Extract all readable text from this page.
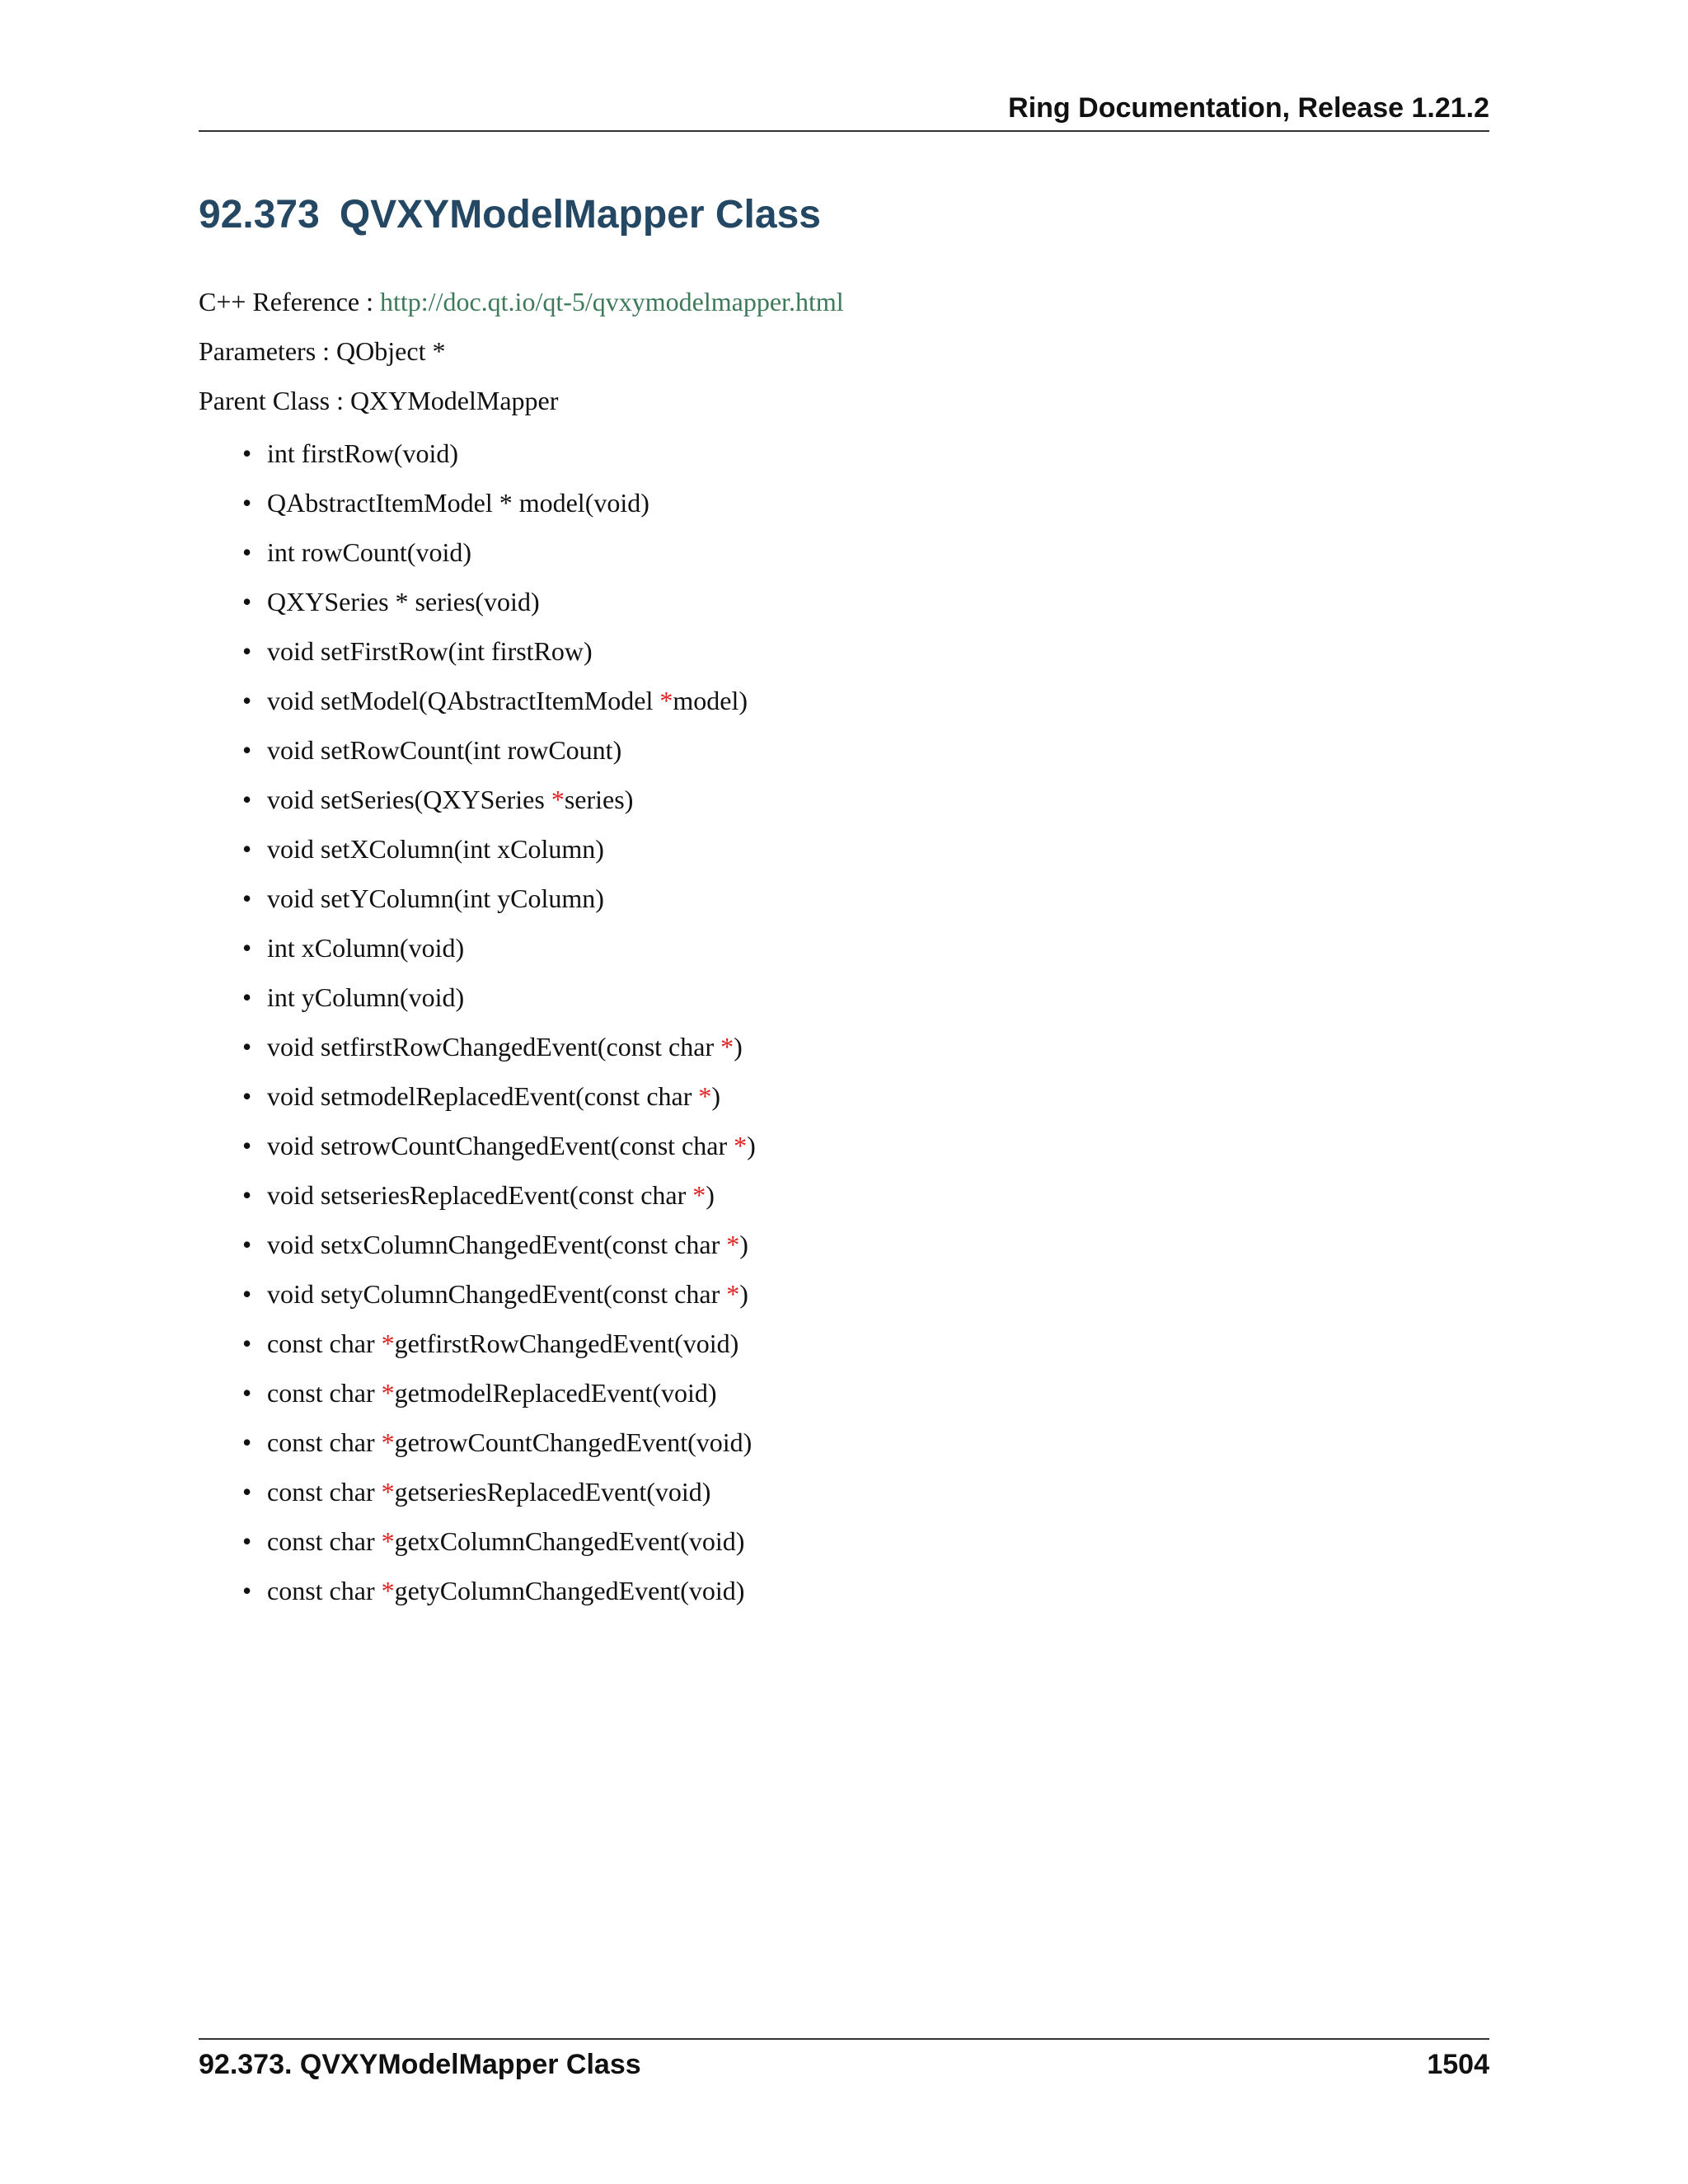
Ring Documentation, Release 1.21.2
92.373 QVXYModelMapper Class
C++ Reference : http://doc.qt.io/qt-5/qvxymodelmapper.html
Parameters : QObject *
Parent Class : QXYModelMapper
• int firstRow(void)
• QAbstractItemModel * model(void)
• int rowCount(void)
• QXYSeries * series(void)
• void setFirstRow(int firstRow)
• void setModel(QAbstractItemModel *model)
• void setRowCount(int rowCount)
• void setSeries(QXYSeries *series)
• void setXColumn(int xColumn)
• void setYColumn(int yColumn)
• int xColumn(void)
• int yColumn(void)
• void setfirstRowChangedEvent(const char *)
• void setmodelReplacedEvent(const char *)
• void setrowCountChangedEvent(const char *)
• void setseriesReplacedEvent(const char *)
• void setxColumnChangedEvent(const char *)
• void setyColumnChangedEvent(const char *)
• const char *getfirstRowChangedEvent(void)
• const char *getmodelReplacedEvent(void)
• const char *getrowCountChangedEvent(void)
• const char *getseriesReplacedEvent(void)
• const char *getxColumnChangedEvent(void)
• const char *getyColumnChangedEvent(void)
92.373. QVXYModelMapper Class	1504
